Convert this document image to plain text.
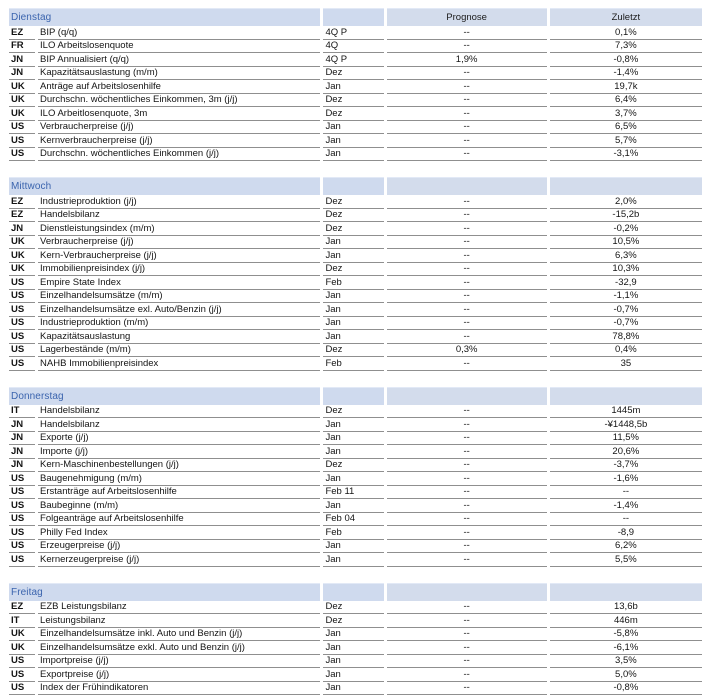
Dienstag			Prognose	Zuletzt
EZ	BIP (q/q)	4Q P	--	0,1%
FR	ILO Arbeitslosenquote	4Q	--	7,3%
JN	BIP Annualisiert (q/q)	4Q P	1,9%	-0,8%
JN	Kapazitätsauslastung (m/m)	Dez	--	-1,4%
UK	Anträge auf Arbeitslosenhilfe	Jan	--	19,7k
UK	Durchschn. wöchentliches Einkommen, 3m (j/j)	Dez	--	6,4%
UK	ILO Arbeitlosenquote, 3m	Dez	--	3,7%
US	Verbraucherpreise (j/j)	Jan	--	6,5%
US	Kernverbraucherpreise (j/j)	Jan	--	5,7%
US	Durchschn. wöchentliches Einkommen (j/j)	Jan	--	-3,1%
Mittwoch				
EZ	Industrieproduktion (j/j)	Dez	--	2,0%
EZ	Handelsbilanz	Dez	--	-15,2b
JN	Dienstleistungsindex (m/m)	Dez	--	-0,2%
UK	Verbraucherpreise (j/j)	Jan	--	10,5%
UK	Kern-Verbraucherpreise (j/j)	Jan	--	6,3%
UK	Immobilienpreisindex (j/j)	Dez	--	10,3%
US	Empire State Index	Feb	--	-32,9
US	Einzelhandelsumsätze (m/m)	Jan	--	-1,1%
US	Einzelhandelsumsätze exl. Auto/Benzin (j/j)	Jan	--	-0,7%
US	Industrieproduktion (m/m)	Jan	--	-0,7%
US	Kapazitätsauslastung	Jan	--	78,8%
US	Lagerbestände (m/m)	Dez	0,3%	0,4%
US	NAHB Immobilienpreisindex	Feb	--	35
Donnerstag				
IT	Handelsbilanz	Dez	--	1445m
JN	Handelsbilanz	Jan	--	-¥1448,5b
JN	Exporte (j/j)	Jan	--	11,5%
JN	Importe (j/j)	Jan	--	20,6%
JN	Kern-Maschinenbestellungen (j/j)	Dez	--	-3,7%
US	Baugenehmigung (m/m)	Jan	--	-1,6%
US	Erstanträge auf Arbeitslosenhilfe	Feb 11	--	--
US	Baubeginne (m/m)	Jan	--	-1,4%
US	Folgeanträge auf Arbeitslosenhilfe	Feb 04	--	--
US	Philly Fed Index	Feb	--	-8,9
US	Erzeugerpreise (j/j)	Jan	--	6,2%
US	Kernerzeugerpreise (j/j)	Jan	--	5,5%
Freitag				
EZ	EZB Leistungsbilanz	Dez	--	13,6b
IT	Leistungsbilanz	Dez	--	446m
UK	Einzelhandelsumsätze inkl. Auto und Benzin (j/j)	Jan	--	-5,8%
UK	Einzelhandelsumsätze exkl. Auto und Benzin (j/j)	Jan	--	-6,1%
US	Importpreise (j/j)	Jan	--	3,5%
US	Exportpreise (j/j)	Jan	--	5,0%
US	Index der Frühindikatoren	Jan	--	-0,8%
